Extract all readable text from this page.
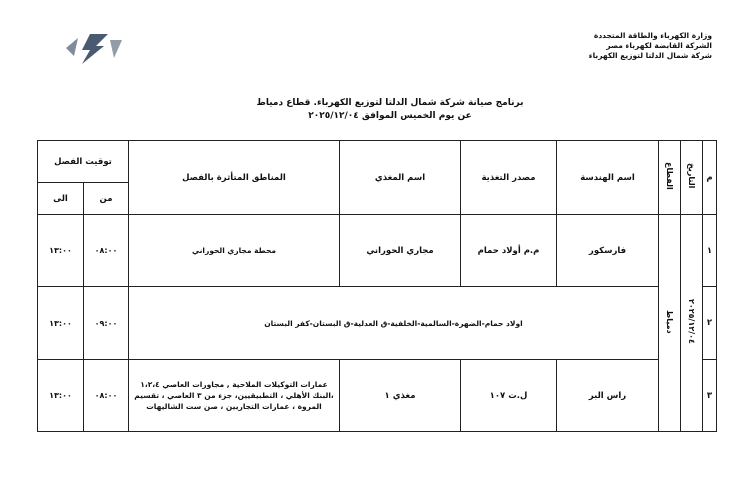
وزارة الكهرباء والطاقة المتجددة
الشركة القابضة لكهرباء مصر
شركة شمال الدلتا لتوزيع الكهرباء
برنامج صيانة شركة شمال الدلتا لتوزيع الكهرباء. قطاع دمياط
عن يوم الخميس الموافق ٢٠٢٥/١٢/٠٤
م	التاريخ	القطاع	اسم الهندسة	مصدر التغذية	اسم المغذي	المناطق المتأثرة بالفصل	توقيت الفصل	
							من	الى
١	٢٠٢٥/١٢/٠٤	دمياط	فارسكور	م.م أولاد حمام	مجاري الحوراني	محطة مجاري الحوراني	٠٨:٠٠	١٣:٠٠
٢			اولاد حمام-الضهرة-السالمية-الخلفية-ق العدلية-ق البستان-كفر البستان				٠٩:٠٠	١٣:٠٠
٣			راس البر	ل.ت ١٠٧	مغذي ١	عمارات التوكيلات الملاحية , مجاورات العاصي ١،٢،٤
،البنك الأهلي ، التطبيقيين، جزء من ٣ العاصي ، تقسيم
المروة ، عمارات التجاريين ، صن ست الشاليهات	٠٨:٠٠	١٣:٠٠
